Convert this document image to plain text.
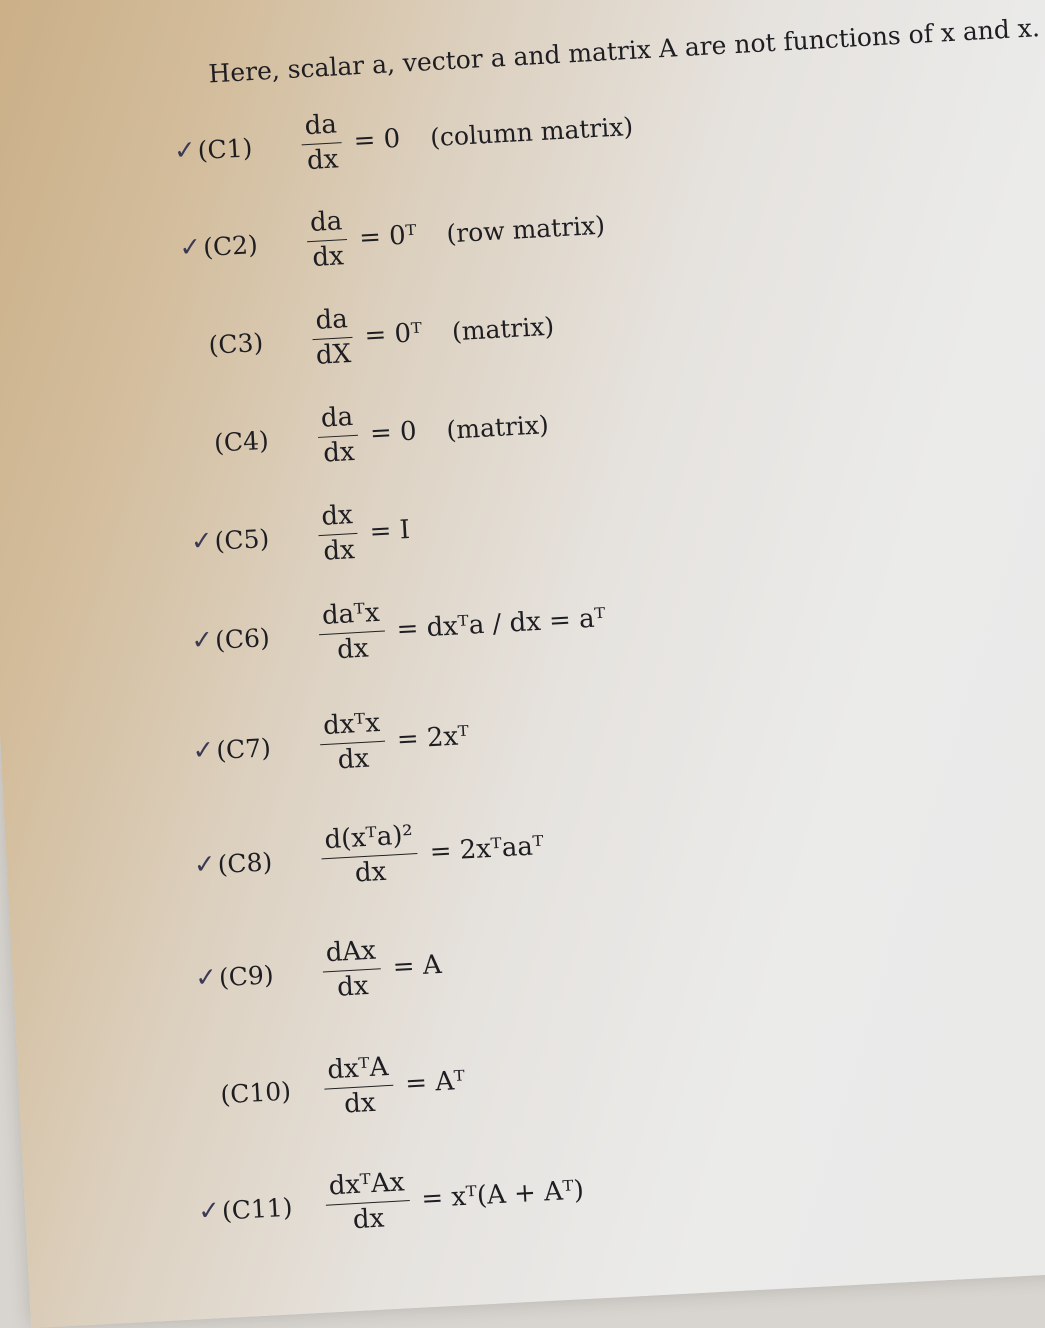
Here, scalar a, vector a and matrix A are not functions of x and x.
✓ (C1)	$\frac{da}{dx} = 0$ (column matrix)
✓ (C2)	$\frac{da}{dx}$ = 0ᵀ (row matrix)
(C3)	$\frac{da}{dX}$ = 0ᵀ (matrix)
(C4)	$\frac{da}{dx} = 0$ (matrix)
✓ (C5)	$\frac{dx}{dx} = I$
✓ (C6)	$\frac{\text{daᵀx}}{dx}$ = dxᵀa / dx = aᵀ
✓ (C7)	$\frac{\text{dxᵀx}}{dx}$ = 2xᵀ
✓ (C8)	$\frac{\text{d(xᵀa)²}}{dx}$ = 2xᵀaaᵀ
✓ (C9)	$\frac{\text{dAx}}{dx} = A$
(C10)	$\frac{\text{dxᵀA}}{dx}$ = Aᵀ
✓ (C11)	$\frac{\text{dxᵀAx}}{dx}$ = xᵀ(A + Aᵀ)
